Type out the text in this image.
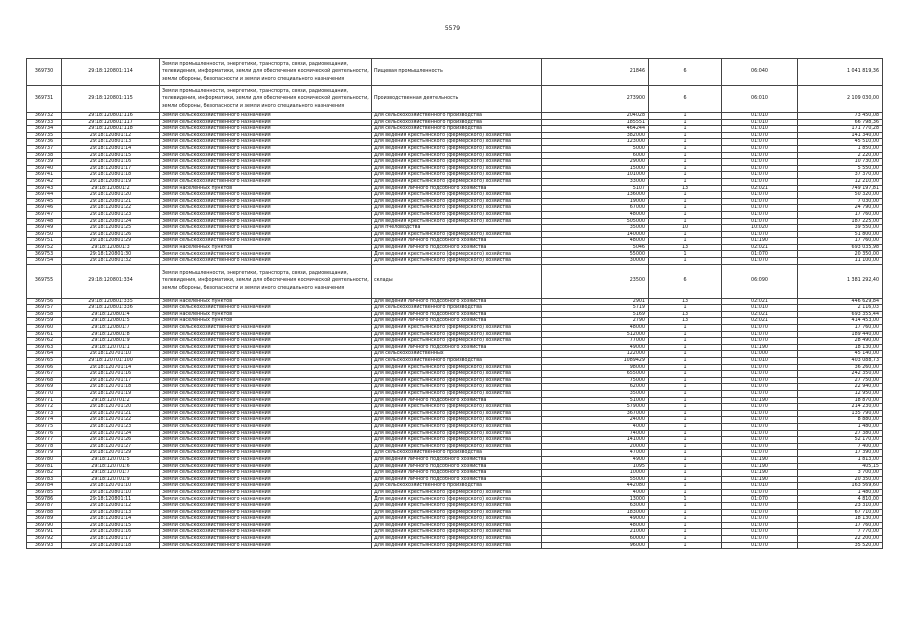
5579
369730	29:18:120801:114	Земли промышленности, энергетики, транспорта, связи, радиовещания, телевидения, информатики, земли для обеспечения космической деятельности, земли обороны, безопасности и земли иного специального назначения	Пищевая промышленность	21846	6	06:040	1 041 819,36
369731	29:18:120801:115	Земли промышленности, энергетики, транспорта, связи, радиовещания, телевидения, информатики, земли для обеспечения космической деятельности, земли обороны, безопасности и земли иного специального назначения	Производственная деятельность	273900	6	06:010	2 109 030,00
369732	29:18:120801:116	Земли сельскохозяйственного назначения	Для сельскохозяйственного производства	204028	1	01:010	73 450,08
369733	29:18:120801:117	Земли сельскохозяйственного назначения	Для сельскохозяйственного производства	185551	1	01:010	66 798,36
369734	29:18:120801:118	Земли сельскохозяйственного назначения	Для сельскохозяйственного производства	464244	1	01:010	171 770,28
369735	29:18:120801:12	Земли сельскохозяйственного назначения	Для ведения крестьянского (фермерского) хозяйства	382000	1	01:070	141 340,00
369736	29:18:120801:13	Земли сельскохозяйственного назначения	Для ведения крестьянского (фермерского) хозяйства	123000	1	01:070	45 510,00
369737	29:18:120801:14	Земли сельскохозяйственного назначения	Для ведения крестьянского (фермерского) хозяйства	5000	1	01:070	1 850,00
369738	29:18:120801:15	Земли сельскохозяйственного назначения	Для ведения крестьянского (фермерского) хозяйства	6000	1	01:070	2 220,00
369739	29:18:120801:16	Земли сельскохозяйственного назначения	Для ведения крестьянского (фермерского) хозяйства	29000	1	01:070	10 730,00
369740	29:18:120801:17	Земли сельскохозяйственного назначения	Для ведения крестьянского (фермерского) хозяйства	15000	1	01:070	5 550,00
369741	29:18:120801:18	Земли сельскохозяйственного назначения	Для ведения крестьянского (фермерского) хозяйства	101000	1	01:070	37 370,00
369742	29:18:120801:19	Земли сельскохозяйственного назначения	Для ведения крестьянского (фермерского) хозяйства	33000	1	01:070	12 210,00
369743	29:18:120801:2	Земли населенных пунктов	Для ведения личного подсобного хозяйства	5107	13	02:021	749 197,81
369744	29:18:120801:20	Земли сельскохозяйственного назначения	Для ведения крестьянского (фермерского) хозяйства	136000	1	01:070	50 320,00
369745	29:18:120801:21	Земли сельскохозяйственного назначения	Для ведения крестьянского (фермерского) хозяйства	19000	1	01:070	7 030,00
369746	29:18:120801:22	Земли сельскохозяйственного назначения	Для ведения крестьянского (фермерского) хозяйства	67000	1	01:070	24 790,00
369747	29:18:120801:23	Земли сельскохозяйственного назначения	Для ведения крестьянского (фермерского) хозяйства	48000	1	01:070	17 760,00
369748	29:18:120801:24	Земли сельскохозяйственного назначения	Для ведения крестьянского (фермерского) хозяйства	505000	1	01:070	187 225,00
369749	29:18:120801:25	Земли сельскохозяйственного назначения	Для пчеловодства	35000	10	10:020	39 550,00
369750	29:18:120801:26	Земли сельскохозяйственного назначения	Для ведения крестьянского (фермерского) хозяйства	140000	1	01:070	51 800,00
369751	29:18:120801:29	Земли сельскохозяйственного назначения	Для ведения личного подсобного хозяйства	48000	1	01:190	17 760,00
369752	29:18:120801:3	Земли населенных пунктов	Для ведения личного подсобного хозяйства	5046	13	02:021	693 035,98
369753	29:18:120801:30	Земли сельскохозяйственного назначения	Для ведения крестьянского (фермерского) хозяйства	55000	1	01:070	20 350,00
369754	29:18:120801:32	Земли сельскохозяйственного назначения	Для ведения крестьянского (фермерского) хозяйства	30000	1	01:070	11 100,00
369755	29:18:120801:334	Земли промышленности, энергетики, транспорта, связи, радиовещания, телевидения, информатики, земли для обеспечения космической деятельности, земли обороны, безопасности и земли иного специального назначения	склады	23500	6	06:090	1 381 292,40
369756	29:18:120801:335	Земли населенных пунктов	Для ведения личного подсобного хозяйства	2901	13	02:021	446 629,84
369757	29:18:120801:336	Земли сельскохозяйственного назначения	Для сельскохозяйственного производства	5719	1	01:010	2 116,03
369758	29:18:120801:4	Земли населенных пунктов	Для ведения личного подсобного хозяйства	5169	13	02:021	693 355,44
369759	29:18:120801:5	Земли населенных пунктов	Для ведения личного подсобного хозяйства	2790	13	02:021	414 453,00
369760	29:18:120801:7	Земли сельскохозяйственного назначения	Для ведения крестьянского (фермерского) хозяйства	48000	1	01:070	17 760,00
369761	29:18:120801:8	Земли сельскохозяйственного назначения	Для ведения крестьянского (фермерского) хозяйства	512000	1	01:070	189 440,00
369762	29:18:120801:9	Земли сельскохозяйственного назначения	Для ведения крестьянского (фермерского) хозяйства	77000	1	01:070	28 490,00
369763	29:18:120701:1	Земли сельскохозяйственного назначения	Для ведения личного подсобного хозяйства	49000	1	01:190	18 130,00
369764	29:18:120701:10	Земли сельскохозяйственного назначения	Для сельскохозяйственных	122000	1	01:000	45 140,00
369765	29:18:120701:100	Земли сельскохозяйственного назначения	Для сельскохозяйственного производства	1089429	1	01:010	403 088,73
369766	29:18:120701:14	Земли сельскохозяйственного назначения	Для ведения крестьянского (фермерского) хозяйства	98000	1	01:070	36 260,00
369767	29:18:120701:16	Земли сельскохозяйственного назначения	Для ведения крестьянского (фермерского) хозяйства	655000	1	01:070	242 350,00
369768	29:18:120701:17	Земли сельскохозяйственного назначения	Для ведения крестьянского (фермерского) хозяйства	75000	1	01:070	27 750,00
369769	29:18:120701:18	Земли сельскохозяйственного назначения	Для ведения крестьянского (фермерского) хозяйства	62000	1	01:070	22 940,00
369770	29:18:120701:19	Земли сельскохозяйственного назначения	Для ведения крестьянского (фермерского) хозяйства	35000	1	01:070	12 950,00
369771	29:18:120701:2	Земли сельскохозяйственного назначения	Для ведения личного подсобного хозяйства	51000	1	01:190	18 870,00
369772	29:18:120701:20	Земли сельскохозяйственного назначения	Для ведения крестьянского (фермерского) хозяйства	579000	1	01:070	214 230,00
369773	29:18:120701:21	Земли сельскохозяйственного назначения	Для ведения крестьянского (фермерского) хозяйства	367000	1	01:070	135 790,00
369774	29:18:120701:22	Земли сельскохозяйственного назначения	Для ведения крестьянского (фермерского) хозяйства	24000	1	01:070	8 880,00
369775	29:18:120701:23	Земли сельскохозяйственного назначения	Для ведения крестьянского (фермерского) хозяйства	4000	1	01:070	1 480,00
369776	29:18:120701:24	Земли сельскохозяйственного назначения	Для ведения крестьянского (фермерского) хозяйства	74000	1	01:070	27 380,00
369777	29:18:120701:26	Земли сельскохозяйственного назначения	Для ведения крестьянского (фермерского) хозяйства	141000	1	01:070	52 170,00
369778	29:18:120701:27	Земли сельскохозяйственного назначения	Для ведения крестьянского (фермерского) хозяйства	20000	1	01:070	7 400,00
369779	29:18:120701:29	Земли сельскохозяйственного назначения	Для сельскохозяйственного производства	47000	1	01:070	17 390,00
369780	29:18:120701:5	Земли сельскохозяйственного назначения	Для ведения личного подсобного хозяйства	4900	1	01:190	1 813,00
369781	29:18:120701:6	Земли сельскохозяйственного назначения	Для ведения личного подсобного хозяйства	1095	1	01:190	405,15
369782	29:18:120701:7	Земли сельскохозяйственного назначения	Для ведения личного подсобного хозяйства	10000	1	01:190	3 700,00
369783	29:18:120701:9	Земли сельскохозяйственного назначения	Для ведения личного подсобного хозяйства	55000	1	01:190	20 350,00
369784	29:18:120701:10	Земли сельскохозяйственного назначения	Для сельскохозяйственного производства	442080	1	01:010	163 569,60
369785	29:18:120801:10	Земли сельскохозяйственного назначения	Для ведения крестьянского (фермерского) хозяйства	4000	1	01:070	1 480,00
369786	29:18:120801:11	Земли сельскохозяйственного назначения	Для ведения крестьянского (фермерского) хозяйства	13000	1	01:070	4 810,00
369787	29:18:120801:12	Земли сельскохозяйственного назначения	Для ведения крестьянского (фермерского) хозяйства	63000	1	01:070	23 310,00
369788	29:18:120801:13	Земли сельскохозяйственного назначения	Для ведения крестьянского (фермерского) хозяйства	183000	1	01:070	67 710,00
369789	29:18:120801:14	Земли сельскохозяйственного назначения	Для ведения крестьянского (фермерского) хозяйства	49000	1	01:070	18 130,00
369790	29:18:120801:15	Земли сельскохозяйственного назначения	Для ведения крестьянского (фермерского) хозяйства	48000	1	01:070	17 760,00
369791	29:18:120801:16	Земли сельскохозяйственного назначения	Для ведения крестьянского (фермерского) хозяйства	21000	1	01:070	7 770,00
369792	29:18:120801:17	Земли сельскохозяйственного назначения	Для ведения крестьянского (фермерского) хозяйства	60000	1	01:070	22 200,00
369793	29:18:120801:18	Земли сельскохозяйственного назначения	Для ведения крестьянского (фермерского) хозяйства	96000	1	01:070	35 520,00
